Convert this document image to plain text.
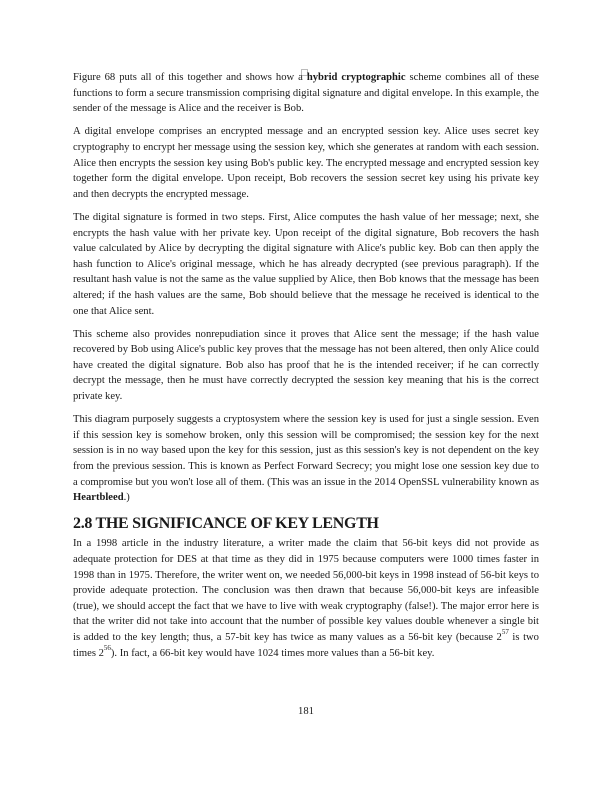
Figure 68 puts all of this together and shows how a hybrid cryptographic scheme combines all of these functions to form a secure transmission comprising digital signature and digital envelope. In this example, the sender of the message is Alice and the receiver is Bob.

A digital envelope comprises an encrypted message and an encrypted session key. Alice uses secret key cryptography to encrypt her message using the session key, which she generates at random with each session. Alice then encrypts the session key using Bob's public key. The encrypted message and encrypted session key together form the digital envelope. Upon receipt, Bob recovers the session secret key using his private key and then decrypts the encrypted message.

The digital signature is formed in two steps. First, Alice computes the hash value of her message; next, she encrypts the hash value with her private key. Upon receipt of the digital signature, Bob recovers the hash value calculated by Alice by decrypting the digital signature with Alice's public key. Bob can then apply the hash function to Alice's original message, which he has already decrypted (see previous paragraph). If the resultant hash value is not the same as the value supplied by Alice, then Bob knows that the message has been altered; if the hash values are the same, Bob should believe that the message he received is identical to the one that Alice sent.

This scheme also provides nonrepudiation since it proves that Alice sent the message; if the hash value recovered by Bob using Alice's public key proves that the message has not been altered, then only Alice could have created the digital signature. Bob also has proof that he is the intended receiver; if he can correctly decrypt the message, then he must have correctly decrypted the session key meaning that his is the correct private key.

This diagram purposely suggests a cryptosystem where the session key is used for just a single session. Even if this session key is somehow broken, only this session will be compromised; the session key for the next session is in no way based upon the key for this session, just as this session's key is not dependent on the key from the previous session. This is known as Perfect Forward Secrecy; you might lose one session key due to a compromise but you won't lose all of them. (This was an issue in the 2014 OpenSSL vulnerability known as Heartbleed.)

2.8 THE SIGNIFICANCE OF KEY LENGTH

In a 1998 article in the industry literature, a writer made the claim that 56-bit keys did not provide as adequate protection for DES at that time as they did in 1975 because computers were 1000 times faster in 1998 than in 1975. Therefore, the writer went on, we needed 56,000-bit keys in 1998 instead of 56-bit keys to provide adequate protection. The conclusion was then drawn that because 56,000-bit keys are infeasible (true), we should accept the fact that we have to live with weak cryptography (false!). The major error here is that the writer did not take into account that the number of possible key values double whenever a single bit is added to the key length; thus, a 57-bit key has twice as many values as a 56-bit key (because $2^{57}$ is two times $2^{56}$). In fact, a 66-bit key would have 1024 times more values than a 56-bit key.

181
